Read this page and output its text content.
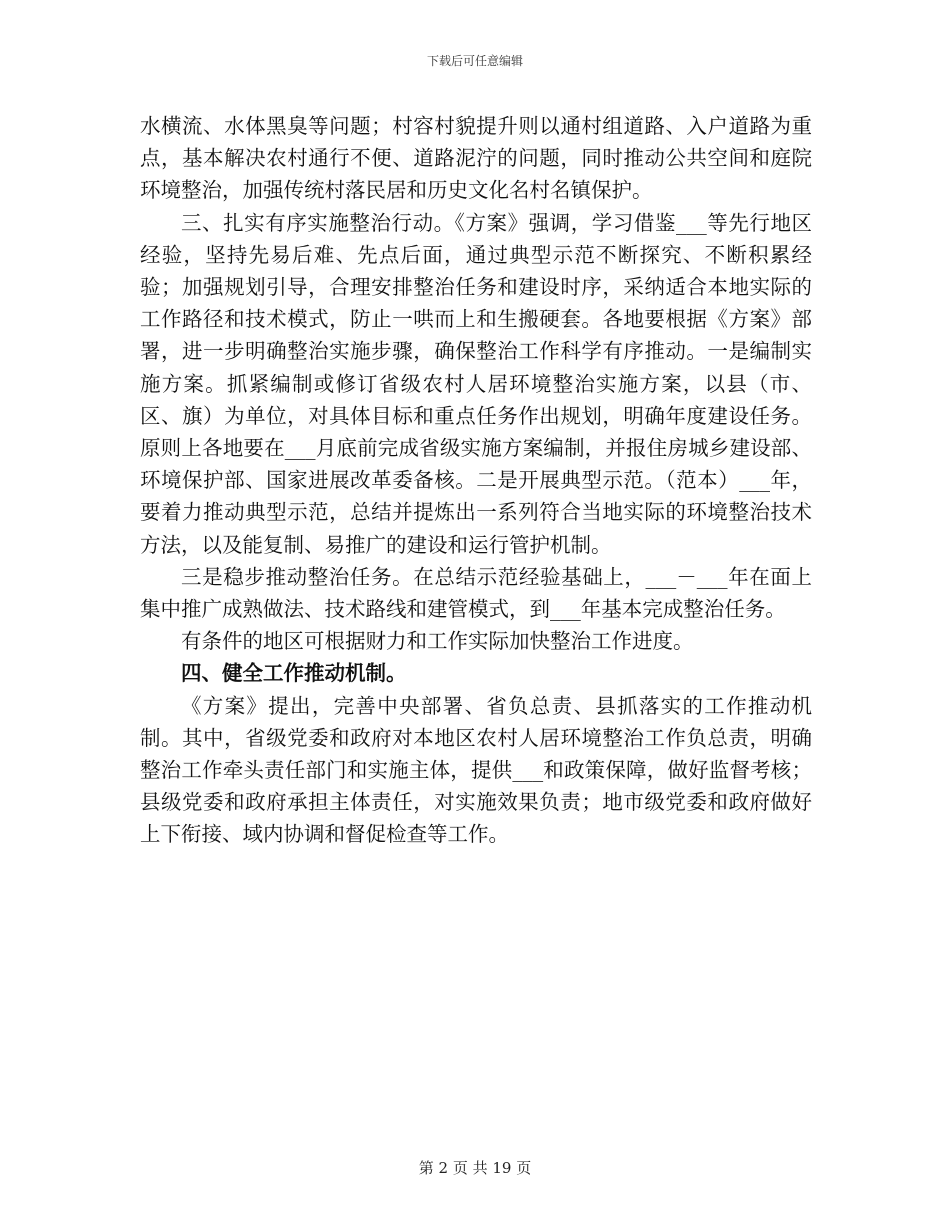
下载后可任意编辑

水横流、水体黑臭等问题；村容村貌提升则以通村组道路、入户道路为重点，基本解决农村通行不便、道路泥泞的问题，同时推动公共空间和庭院环境整治，加强传统村落民居和历史文化名村名镇保护。

三、扎实有序实施整治行动。《方案》强调，学习借鉴___等先行地区经验，坚持先易后难、先点后面，通过典型示范不断探究、不断积累经验；加强规划引导，合理安排整治任务和建设时序，采纳适合本地实际的工作路径和技术模式，防止一哄而上和生搬硬套。各地要根据《方案》部署，进一步明确整治实施步骤，确保整治工作科学有序推动。一是编制实施方案。抓紧编制或修订省级农村人居环境整治实施方案，以县（市、区、旗）为单位，对具体目标和重点任务作出规划，明确年度建设任务。原则上各地要在___月底前完成省级实施方案编制，并报住房城乡建设部、环境保护部、国家进展改革委备核。二是开展典型示范。（范本）___年，要着力推动典型示范，总结并提炼出一系列符合当地实际的环境整治技术方法，以及能复制、易推广的建设和运行管护机制。

三是稳步推动整治任务。在总结示范经验基础上，___－___年在面上集中推广成熟做法、技术路线和建管模式，到___年基本完成整治任务。

有条件的地区可根据财力和工作实际加快整治工作进度。

四、健全工作推动机制。

《方案》提出，完善中央部署、省负总责、县抓落实的工作推动机制。其中，省级党委和政府对本地区农村人居环境整治工作负总责，明确整治工作牵头责任部门和实施主体，提供___和政策保障，做好监督考核；县级党委和政府承担主体责任，对实施效果负责；地市级党委和政府做好上下衔接、域内协调和督促检查等工作。

第 2 页 共 19 页
